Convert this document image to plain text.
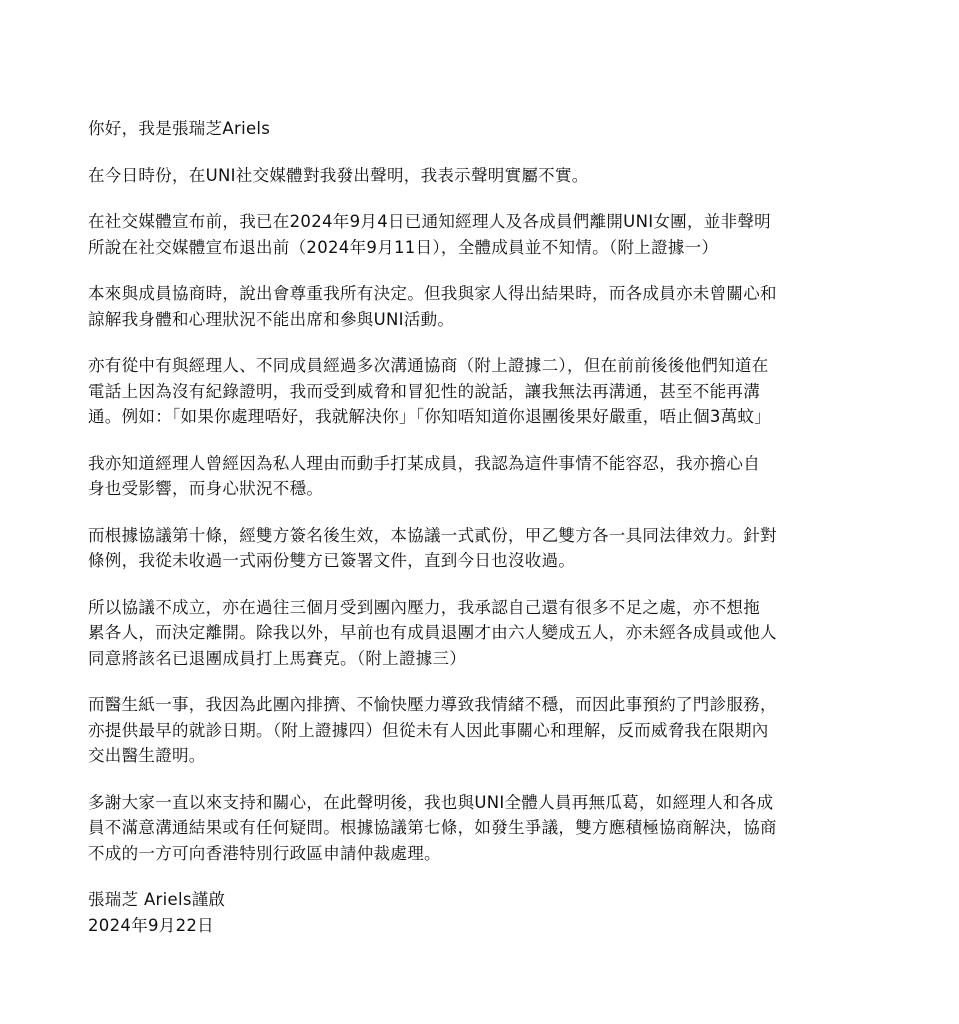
你好，我是張瑞芝Ariels

在今日時份，在UNI社交媒體對我發出聲明，我表示聲明實屬不實。

在社交媒體宣布前，我已在2024年9月4日已通知經理人及各成員們離開UNI女團，並非聲明
所說在社交媒體宣布退出前（2024年9月11日），全體成員並不知情。（附上證據一）

本來與成員協商時，說出會尊重我所有決定。但我與家人得出結果時，而各成員亦未曾關心和
諒解我身體和心理狀況不能出席和參與UNI活動。

亦有從中有與經理人、不同成員經過多次溝通協商（附上證據二），但在前前後後他們知道在
電話上因為沒有紀錄證明，我而受到威脅和冒犯性的說話，讓我無法再溝通，甚至不能再溝
通。例如：「如果你處理唔好，我就解決你」「你知唔知道你退團後果好嚴重，唔止個3萬蚊」

我亦知道經理人曾經因為私人理由而動手打某成員，我認為這件事情不能容忍，我亦擔心自
身也受影響，而身心狀況不穩。

而根據協議第十條，經雙方簽名後生效，本協議一式貳份，甲乙雙方各一具同法律效力。針對
條例，我從未收過一式兩份雙方已簽署文件，直到今日也沒收過。

所以協議不成立，亦在過往三個月受到團內壓力，我承認自己還有很多不足之處，亦不想拖
累各人，而決定離開。除我以外，早前也有成員退團才由六人變成五人，亦未經各成員或他人
同意將該名已退團成員打上馬賽克。（附上證據三）

而醫生紙一事，我因為此團內排擠、不愉快壓力導致我情緒不穩，而因此事預約了門診服務，
亦提供最早的就診日期。（附上證據四）但從未有人因此事關心和理解，反而威脅我在限期內
交出醫生證明。

多謝大家一直以來支持和關心，在此聲明後，我也與UNI全體人員再無瓜葛，如經理人和各成
員不滿意溝通結果或有任何疑問。根據協議第七條，如發生爭議，雙方應積極協商解決，協商
不成的一方可向香港特別行政區申請仲裁處理。

張瑞芝 Ariels謹啟
2024年9月22日
